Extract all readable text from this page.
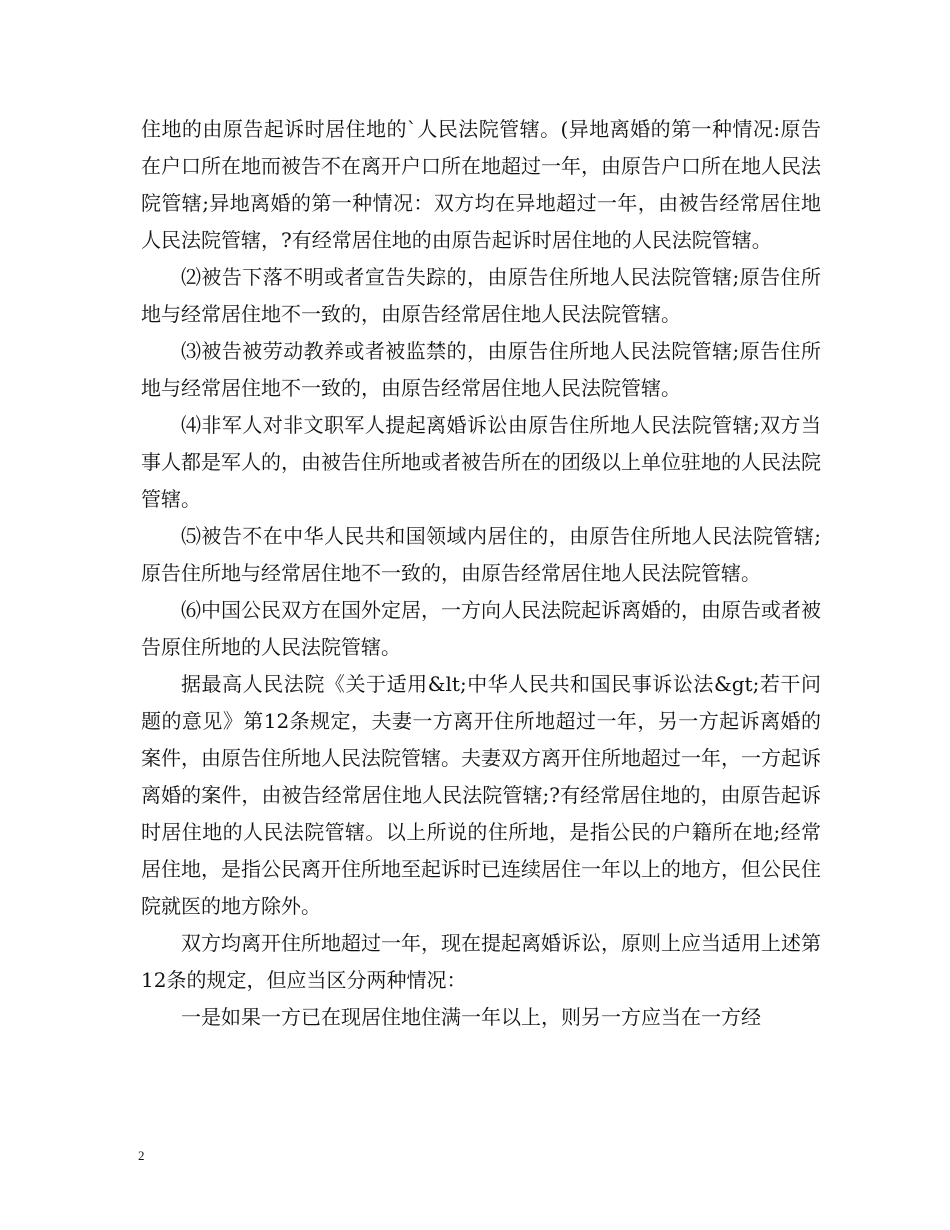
住地的由原告起诉时居住地的`人民法院管辖。(异地离婚的第一种情况:原告在户口所在地而被告不在离开户口所在地超过一年，由原告户口所在地人民法院管辖;异地离婚的第一种情况：双方均在异地超过一年，由被告经常居住地人民法院管辖，?有经常居住地的由原告起诉时居住地的人民法院管辖。

⑵被告下落不明或者宣告失踪的，由原告住所地人民法院管辖;原告住所地与经常居住地不一致的，由原告经常居住地人民法院管辖。

⑶被告被劳动教养或者被监禁的，由原告住所地人民法院管辖;原告住所地与经常居住地不一致的，由原告经常居住地人民法院管辖。

⑷非军人对非文职军人提起离婚诉讼由原告住所地人民法院管辖;双方当事人都是军人的，由被告住所地或者被告所在的团级以上单位驻地的人民法院管辖。

⑸被告不在中华人民共和国领域内居住的，由原告住所地人民法院管辖;原告住所地与经常居住地不一致的，由原告经常居住地人民法院管辖。

⑹中国公民双方在国外定居，一方向人民法院起诉离婚的，由原告或者被告原住所地的人民法院管辖。

据最高人民法院《关于适用&lt;中华人民共和国民事诉讼法&gt;若干问题的意见》第12条规定，夫妻一方离开住所地超过一年，另一方起诉离婚的案件，由原告住所地人民法院管辖。夫妻双方离开住所地超过一年，一方起诉离婚的案件，由被告经常居住地人民法院管辖;?有经常居住地的，由原告起诉时居住地的人民法院管辖。以上所说的住所地，是指公民的户籍所在地;经常居住地，是指公民离开住所地至起诉时已连续居住一年以上的地方，但公民住院就医的地方除外。

双方均离开住所地超过一年，现在提起离婚诉讼，原则上应当适用上述第12条的规定，但应当区分两种情况：

一是如果一方已在现居住地住满一年以上，则另一方应当在一方经

2
